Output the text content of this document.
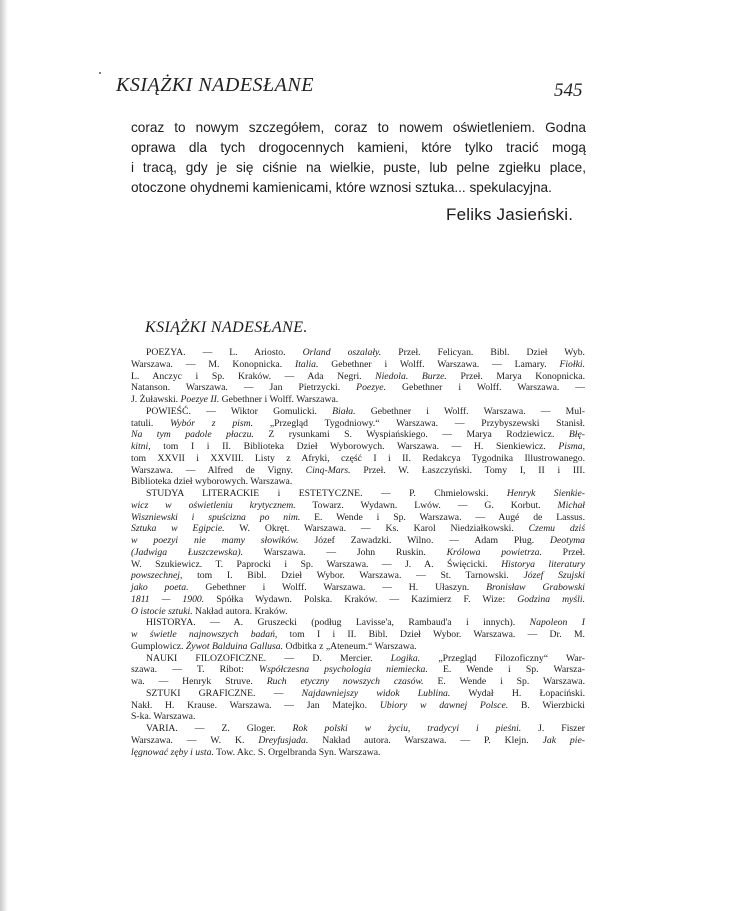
KSIĄŻKI NADESŁANE	545
coraz to nowym szczegółem, coraz to nowem oświetleniem. Godna
oprawa dla tych drogocennych kamieni, które tylko tracić mogą
i tracą, gdy je się ciśnie na wielkie, puste, lub pelne zgiełku place,
otoczone ohydnemi kamienicami, które wznosi sztuka... spekulacyjna.
Feliks Jasieński.
KSIĄŻKI NADESŁANE.
POEZYA. — L. Ariosto. Orland oszalały. Przeł. Felicyan. Bibl. Dzieł Wyb.
Warszawa. — M. Konopnicka. Italia. Gebethner i Wolff. Warszawa. — Lamary. Fiołki.
L. Anczyc i Sp. Kraków. — Ada Negri. Niedola. Burze. Przeł. Marya Konopnicka.
Natanson. Warszawa. — Jan Pietrzycki. Poezye. Gebethner i Wolff. Warszawa. —
J. Żuławski. Poezye II. Gebethner i Wolff. Warszawa.
POWIEŚĆ. — Wiktor Gomulicki. Biała. Gebethner i Wolff. Warszawa. — Mul-
tatuli. Wybór z pism. „Przegląd Tygodniowy.“ Warszawa. — Przybyszewski Stanisł.
Na tym padole płaczu. Z rysunkami S. Wyspiańskiego. — Marya Rodziewicz. Błę-
kitni, tom I i II. Biblioteka Dzieł Wyborowych. Warszawa. — H. Sienkiewicz. Pisma,
tom XXVII i XXVIII. Listy z Afryki, część I i II. Redakcya Tygodnika Illustrowanego.
Warszawa. — Alfred de Vigny. Cinq-Mars. Przeł. W. Łaszczyński. Tomy I, II i III.
Biblioteka dzieł wyborowych. Warszawa.
STUDYA LITERACKIE i ESTETYCZNE. — P. Chmielowski. Henryk Sienkie-
wicz w oświetleniu krytycznem. Towarz. Wydawn. Lwów. — G. Korbut. Michał
Wiszniewski i spuścizna po nim. E. Wende i Sp. Warszawa. — Augé de Lassus.
Sztuka w Egipcie. W. Okręt. Warszawa. — Ks. Karol Niedziałkowski. Czemu dziś
w poezyi nie mamy słowików. Józef Zawadzki. Wilno. — Adam Pług. Deotyma
(Jadwiga Łuszczewska). Warszawa. — John Ruskin. Królowa powietrza. Przeł.
W. Szukiewicz. T. Paprocki i Sp. Warszawa. — J. A. Święcicki. Historya literatury
powszechnej, tom I. Bibl. Dzieł Wybor. Warszawa. — St. Tarnowski. Józef Szujski
jako poeta. Gebethner i Wolff. Warszawa. — H. Ułaszyn. Bronisław Grabowski
1811 — 1900. Spółka Wydawn. Polska. Kraków. — Kazimierz F. Wize: Godzina myśli.
O istocie sztuki. Nakład autora. Kraków.
HISTORYA. — A. Gruszecki (podług Lavisse'a, Rambaud'a i innych). Napoleon I
w świetle najnowszych badań, tom I i II. Bibl. Dzieł Wybor. Warszawa. — Dr. M.
Gumplowicz. Żywot Balduina Gallusa. Odbitka z „Ateneum.“ Warszawa.
NAUKI FILOZOFICZNE. — D. Mercier. Logika. „Przegląd Filozoficzny“ War-
szawa. — T. Ribot: Współczesna psychologia niemiecka. E. Wende i Sp. Warsza-
wa. — Henryk Struve. Ruch etyczny nowszych czasów. E. Wende i Sp. Warszawa.
SZTUKI GRAFICZNE. — Najdawniejszy widok Lublina. Wydał H. Łopaciński.
Nakł. H. Krause. Warszawa. — Jan Matejko. Ubiory w dawnej Polsce. B. Wierzbicki
S-ka. Warszawa.
VARIA. — Z. Gloger. Rok polski w życiu, tradycyi i pieśni. J. Fiszer
Warszawa. — W. K. Dreyfusjada. Nakład autora. Warszawa. — P. Klejn. Jak pie-
lęgnować zęby i usta. Tow. Akc. S. Orgelbranda Syn. Warszawa.
